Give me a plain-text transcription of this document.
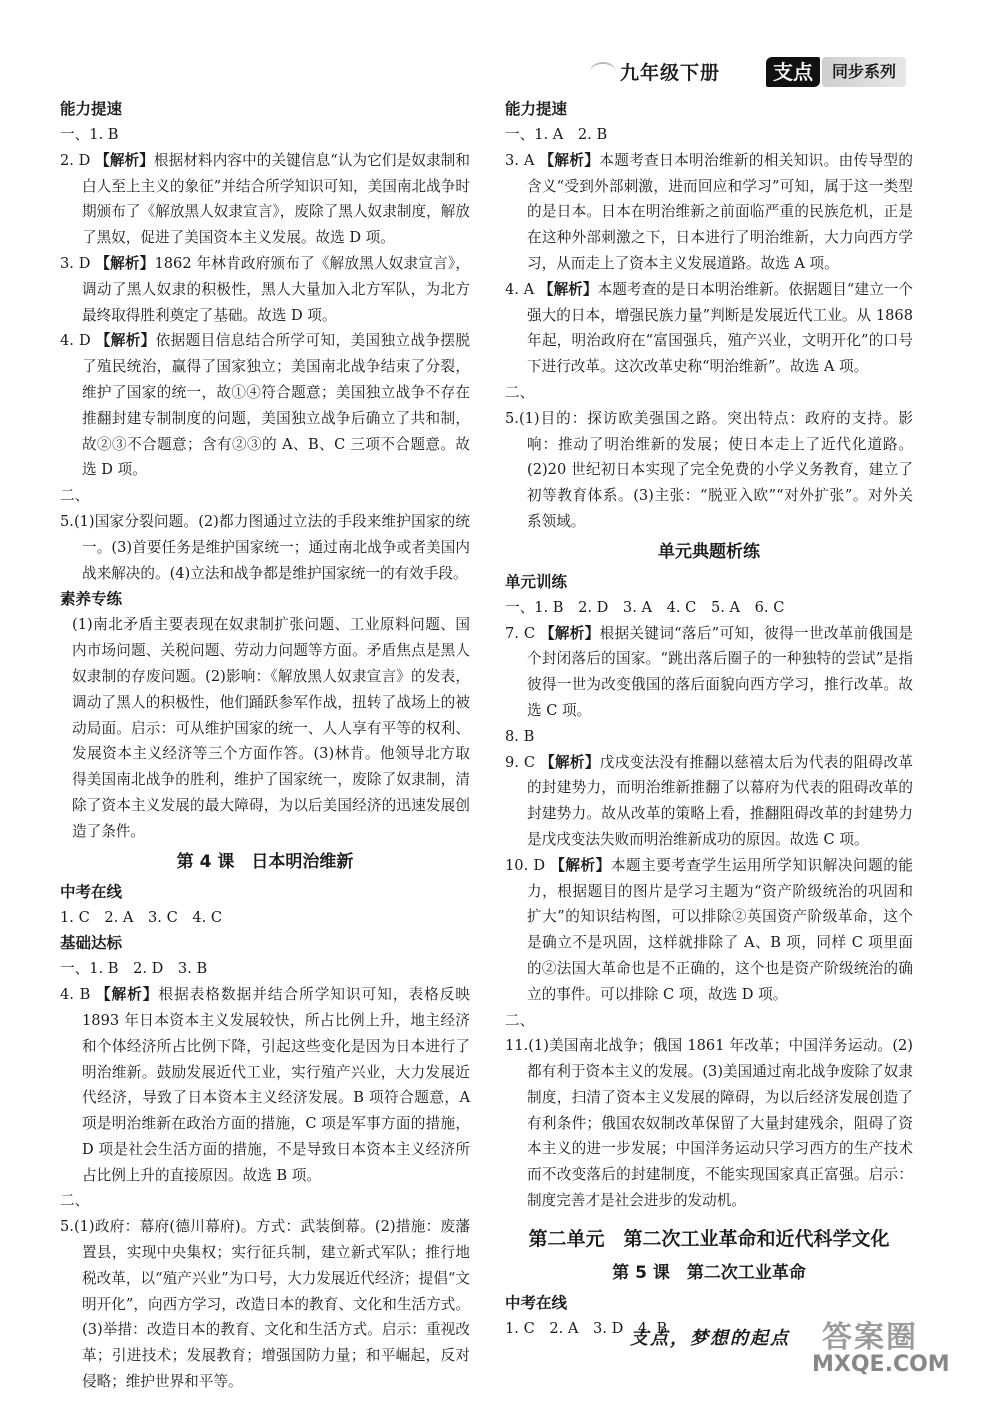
九年级下册	支点	同步系列
能力提速
一、1. B
2. D 【解析】根据材料内容中的关键信息“认为它们是奴隶制和白人至上主义的象征”并结合所学知识可知，美国南北战争时期颁布了《解放黑人奴隶宣言》，废除了黑人奴隶制度，解放了黑奴，促进了美国资本主义发展。故选 D 项。
3. D 【解析】1862 年林肯政府颁布了《解放黑人奴隶宣言》，调动了黑人奴隶的积极性，黑人大量加入北方军队，为北方最终取得胜利奠定了基础。故选 D 项。
4. D 【解析】依据题目信息结合所学可知，美国独立战争摆脱了殖民统治，赢得了国家独立；美国南北战争结束了分裂，维护了国家的统一，故①④符合题意；美国独立战争不存在推翻封建专制制度的问题，美国独立战争后确立了共和制，故②③不合题意；含有②③的 A、B、C 三项不合题意。故选 D 项。
二、
5.(1)国家分裂问题。(2)都力图通过立法的手段来维护国家的统一。(3)首要任务是维护国家统一；通过南北战争或者美国内战来解决的。(4)立法和战争都是维护国家统一的有效手段。
素养专练
(1)南北矛盾主要表现在奴隶制扩张问题、工业原料问题、国内市场问题、关税问题、劳动力问题等方面。矛盾焦点是黑人奴隶制的存废问题。(2)影响：《解放黑人奴隶宣言》的发表，调动了黑人的积极性，他们踊跃参军作战，扭转了战场上的被动局面。启示：可从维护国家的统一、人人享有平等的权利、发展资本主义经济等三个方面作答。(3)林肯。他领导北方取得美国南北战争的胜利，维护了国家统一，废除了奴隶制，清除了资本主义发展的最大障碍，为以后美国经济的迅速发展创造了条件。
第 4 课　日本明治维新
中考在线
1. C　2. A　3. C　4. C
基础达标
一、1. B　2. D　3. B
4. B 【解析】根据表格数据并结合所学知识可知，表格反映 1893 年日本资本主义发展较快，所占比例上升，地主经济和个体经济所占比例下降，引起这些变化是因为日本进行了明治维新。鼓励发展近代工业，实行殖产兴业，大力发展近代经济，导致了日本资本主义经济发展。B 项符合题意，A 项是明治维新在政治方面的措施，C 项是军事方面的措施，D 项是社会生活方面的措施，不是导致日本资本主义经济所占比例上升的直接原因。故选 B 项。
二、
5.(1)政府：幕府(德川幕府)。方式：武装倒幕。(2)措施：废藩置县，实现中央集权；实行征兵制，建立新式军队；推行地税改革，以“殖产兴业”为口号，大力发展近代经济；提倡“文明开化”，向西方学习，改造日本的教育、文化和生活方式。(3)举措：改造日本的教育、文化和生活方式。启示：重视改革；引进技术；发展教育；增强国防力量；和平崛起，反对侵略；维护世界和平等。
能力提速
一、1. A　2. B
3. A 【解析】本题考查日本明治维新的相关知识。由传导型的含义“受到外部刺激，进而回应和学习”可知，属于这一类型的是日本。日本在明治维新之前面临严重的民族危机，正是在这种外部刺激之下，日本进行了明治维新，大力向西方学习，从而走上了资本主义发展道路。故选 A 项。
4. A 【解析】本题考查的是日本明治维新。依据题目“建立一个强大的日本，增强民族力量”判断是发展近代工业。从 1868 年起，明治政府在“富国强兵，殖产兴业，文明开化”的口号下进行改革。这次改革史称“明治维新”。故选 A 项。
二、
5.(1)目的：探访欧美强国之路。突出特点：政府的支持。影响：推动了明治维新的发展；使日本走上了近代化道路。(2)20 世纪初日本实现了完全免费的小学义务教育，建立了初等教育体系。(3)主张：“脱亚入欧”“对外扩张”。对外关系领域。
单元典题析练
单元训练
一、1. B　2. D　3. A　4. C　5. A　6. C
7. C 【解析】根据关键词“落后”可知，彼得一世改革前俄国是个封闭落后的国家。“跳出落后圈子的一种独特的尝试”是指彼得一世为改变俄国的落后面貌向西方学习，推行改革。故选 C 项。
8. B
9. C 【解析】戊戌变法没有推翻以慈禧太后为代表的阻碍改革的封建势力，而明治维新推翻了以幕府为代表的阻碍改革的封建势力。故从改革的策略上看，推翻阻碍改革的封建势力是戊戌变法失败而明治维新成功的原因。故选 C 项。
10. D 【解析】本题主要考查学生运用所学知识解决问题的能力，根据题目的图片是学习主题为“资产阶级统治的巩固和扩大”的知识结构图，可以排除②英国资产阶级革命，这个是确立不是巩固，这样就排除了 A、B 项，同样 C 项里面的②法国大革命也是不正确的，这个也是资产阶级统治的确立的事件。可以排除 C 项，故选 D 项。
二、
11.(1)美国南北战争；俄国 1861 年改革；中国洋务运动。(2)都有利于资本主义的发展。(3)美国通过南北战争废除了奴隶制度，扫清了资本主义发展的障碍，为以后经济发展创造了有利条件；俄国农奴制改革保留了大量封建残余，阻碍了资本主义的进一步发展；中国洋务运动只学习西方的生产技术而不改变落后的封建制度，不能实现国家真正富强。启示：制度完善才是社会进步的发动机。
第二单元　第二次工业革命和近代科学文化
第 5 课　第二次工业革命
中考在线
1. C　2. A　3. D　4. B
支点，梦想的起点 答案圈
MXQE.COM
